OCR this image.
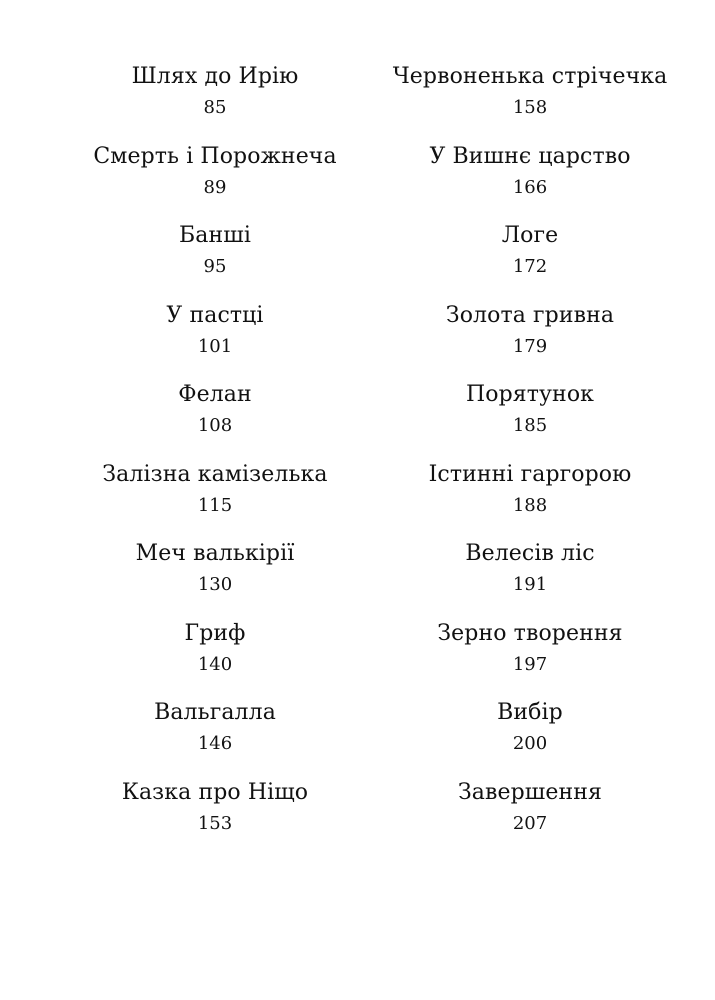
Шлях до Ирію
85
Смерть і Порожнеча
89
Банші
95
У пастці
101
Фелан
108
Залізна камізелька
115
Меч валькірії
130
Гриф
140
Вальгалла
146
Казка про Ніщо
153
Червоненька стрічечка
158
У Вишнє царство
166
Логе
172
Золота гривна
179
Порятунок
185
Істинні гаргорою
188
Велесів ліс
191
Зерно творення
197
Вибір
200
Завершення
207
